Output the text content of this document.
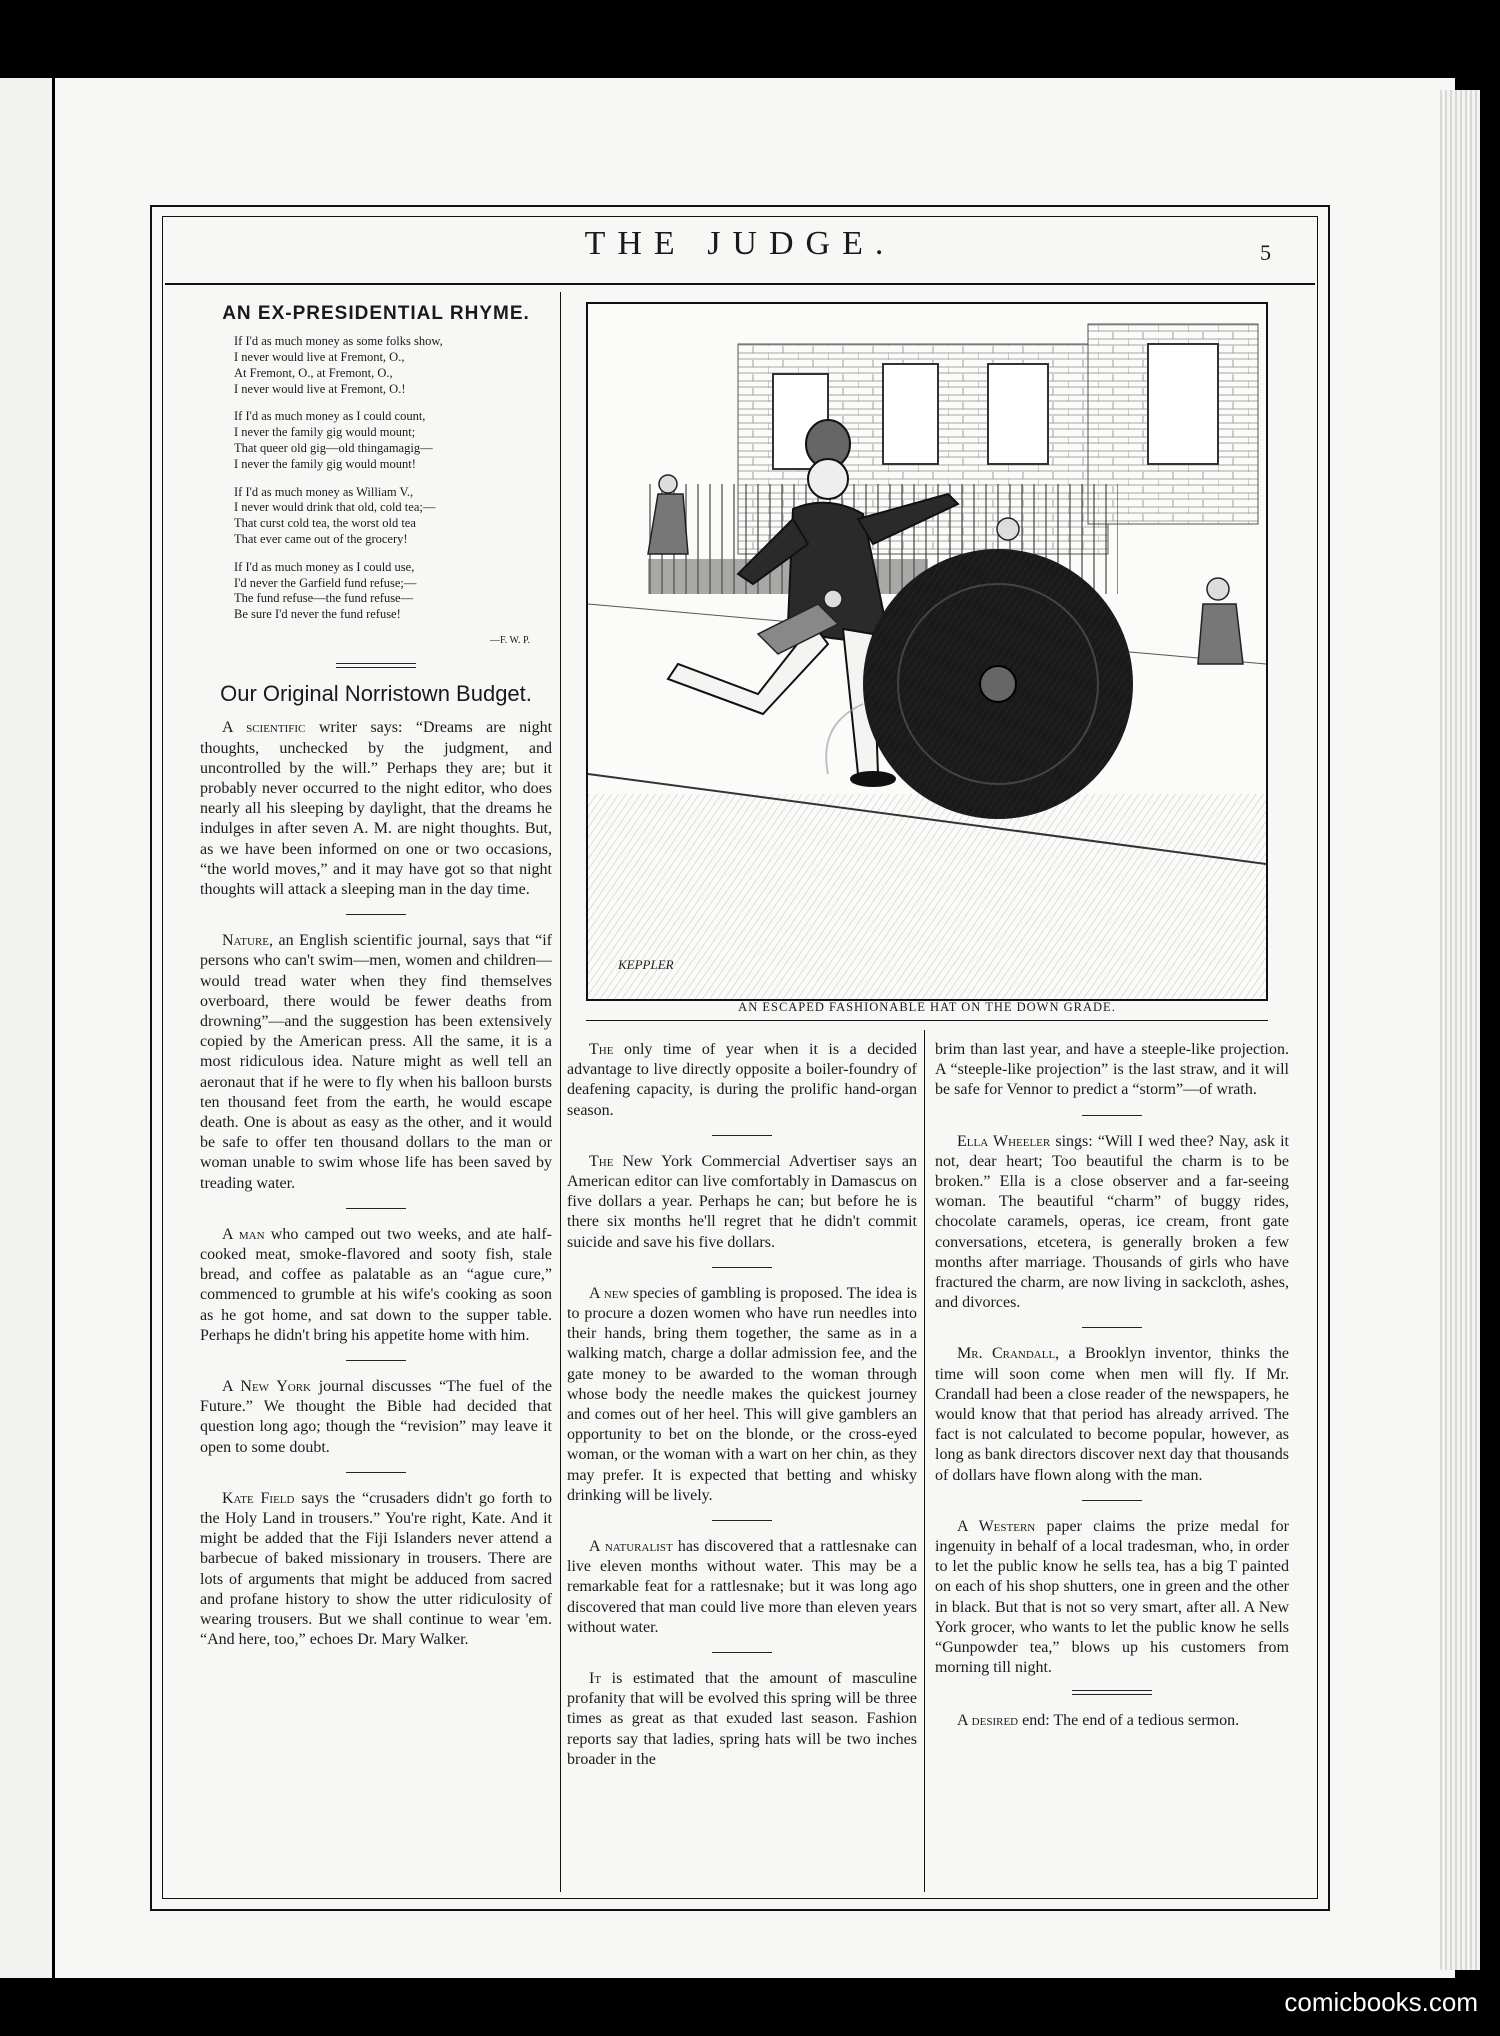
THE JUDGE.	5
AN EX-PRESIDENTIAL RHYME.
If I'd as much money as some folks show,
I never would live at Fremont, O.,
At Fremont, O., at Fremont, O.,
I never would live at Fremont, O.!
If I'd as much money as I could count,
I never the family gig would mount;
That queer old gig—old thingamagig—
I never the family gig would mount!
If I'd as much money as William V.,
I never would drink that old, cold tea;—
That curst cold tea, the worst old tea
That ever came out of the grocery!
If I'd as much money as I could use,
I'd never the Garfield fund refuse;—
The fund refuse—the fund refuse—
Be sure I'd never the fund refuse!
—F. W. P.
Our Original Norristown Budget.

A scientific writer says: “Dreams are night thoughts, unchecked by the judgment, and uncontrolled by the will.” Perhaps they are; but it probably never occurred to the night editor, who does nearly all his sleeping by daylight, that the dreams he indulges in after seven A. M. are night thoughts. But, as we have been informed on one or two occasions, “the world moves,” and it may have got so that night thoughts will attack a sleeping man in the day time.

Nature, an English scientific journal, says that “if persons who can't swim—men, women and children—would tread water when they find themselves overboard, there would be fewer deaths from drowning”—and the suggestion has been extensively copied by the American press. All the same, it is a most ridiculous idea. Nature might as well tell an aeronaut that if he were to fly when his balloon bursts ten thousand feet from the earth, he would escape death. One is about as easy as the other, and it would be safe to offer ten thousand dollars to the man or woman unable to swim whose life has been saved by treading water.

A man who camped out two weeks, and ate half-cooked meat, smoke-flavored and sooty fish, stale bread, and coffee as palatable as an “ague cure,” commenced to grumble at his wife's cooking as soon as he got home, and sat down to the supper table. Perhaps he didn't bring his appetite home with him.

A New York journal discusses “The fuel of the Future.” We thought the Bible had decided that question long ago; though the “revision” may leave it open to some doubt.

Kate Field says the “crusaders didn't go forth to the Holy Land in trousers.” You're right, Kate. And it might be added that the Fiji Islanders never attend a barbecue of baked missionary in trousers. There are lots of arguments that might be adduced from sacred and profane history to show the utter ridiculosity of wearing trousers. But we shall continue to wear 'em. “And here, too,” echoes Dr. Mary Walker.

KEPPLER
AN ESCAPED FASHIONABLE HAT ON THE DOWN GRADE.

The only time of year when it is a decided advantage to live directly opposite a boiler-foundry of deafening capacity, is during the prolific hand-organ season.

The New York Commercial Advertiser says an American editor can live comfortably in Damascus on five dollars a year. Perhaps he can; but before he is there six months he'll regret that he didn't commit suicide and save his five dollars.

A new species of gambling is proposed. The idea is to procure a dozen women who have run needles into their hands, bring them together, the same as in a walking match, charge a dollar admission fee, and the gate money to be awarded to the woman through whose body the needle makes the quickest journey and comes out of her heel. This will give gamblers an opportunity to bet on the blonde, or the cross-eyed woman, or the woman with a wart on her chin, as they may prefer. It is expected that betting and whisky drinking will be lively.

A naturalist has discovered that a rattlesnake can live eleven months without water. This may be a remarkable feat for a rattlesnake; but it was long ago discovered that man could live more than eleven years without water.

It is estimated that the amount of masculine profanity that will be evolved this spring will be three times as great as that exuded last season. Fashion reports say that ladies, spring hats will be two inches broader in the

brim than last year, and have a steeple-like projection. A “steeple-like projection” is the last straw, and it will be safe for Vennor to predict a “storm”—of wrath.

Ella Wheeler sings: “Will I wed thee? Nay, ask it not, dear heart; Too beautiful the charm is to be broken.” Ella is a close observer and a far-seeing woman. The beautiful “charm” of buggy rides, chocolate caramels, operas, ice cream, front gate conversations, etcetera, is generally broken a few months after marriage. Thousands of girls who have fractured the charm, are now living in sackcloth, ashes, and divorces.

Mr. Crandall, a Brooklyn inventor, thinks the time will soon come when men will fly. If Mr. Crandall had been a close reader of the newspapers, he would know that that period has already arrived. The fact is not calculated to become popular, however, as long as bank directors discover next day that thousands of dollars have flown along with the man.

A Western paper claims the prize medal for ingenuity in behalf of a local tradesman, who, in order to let the public know he sells tea, has a big T painted on each of his shop shutters, one in green and the other in black. But that is not so very smart, after all. A New York grocer, who wants to let the public know he sells “Gunpowder tea,” blows up his customers from morning till night.

A desired end: The end of a tedious sermon.

comicbooks.com
